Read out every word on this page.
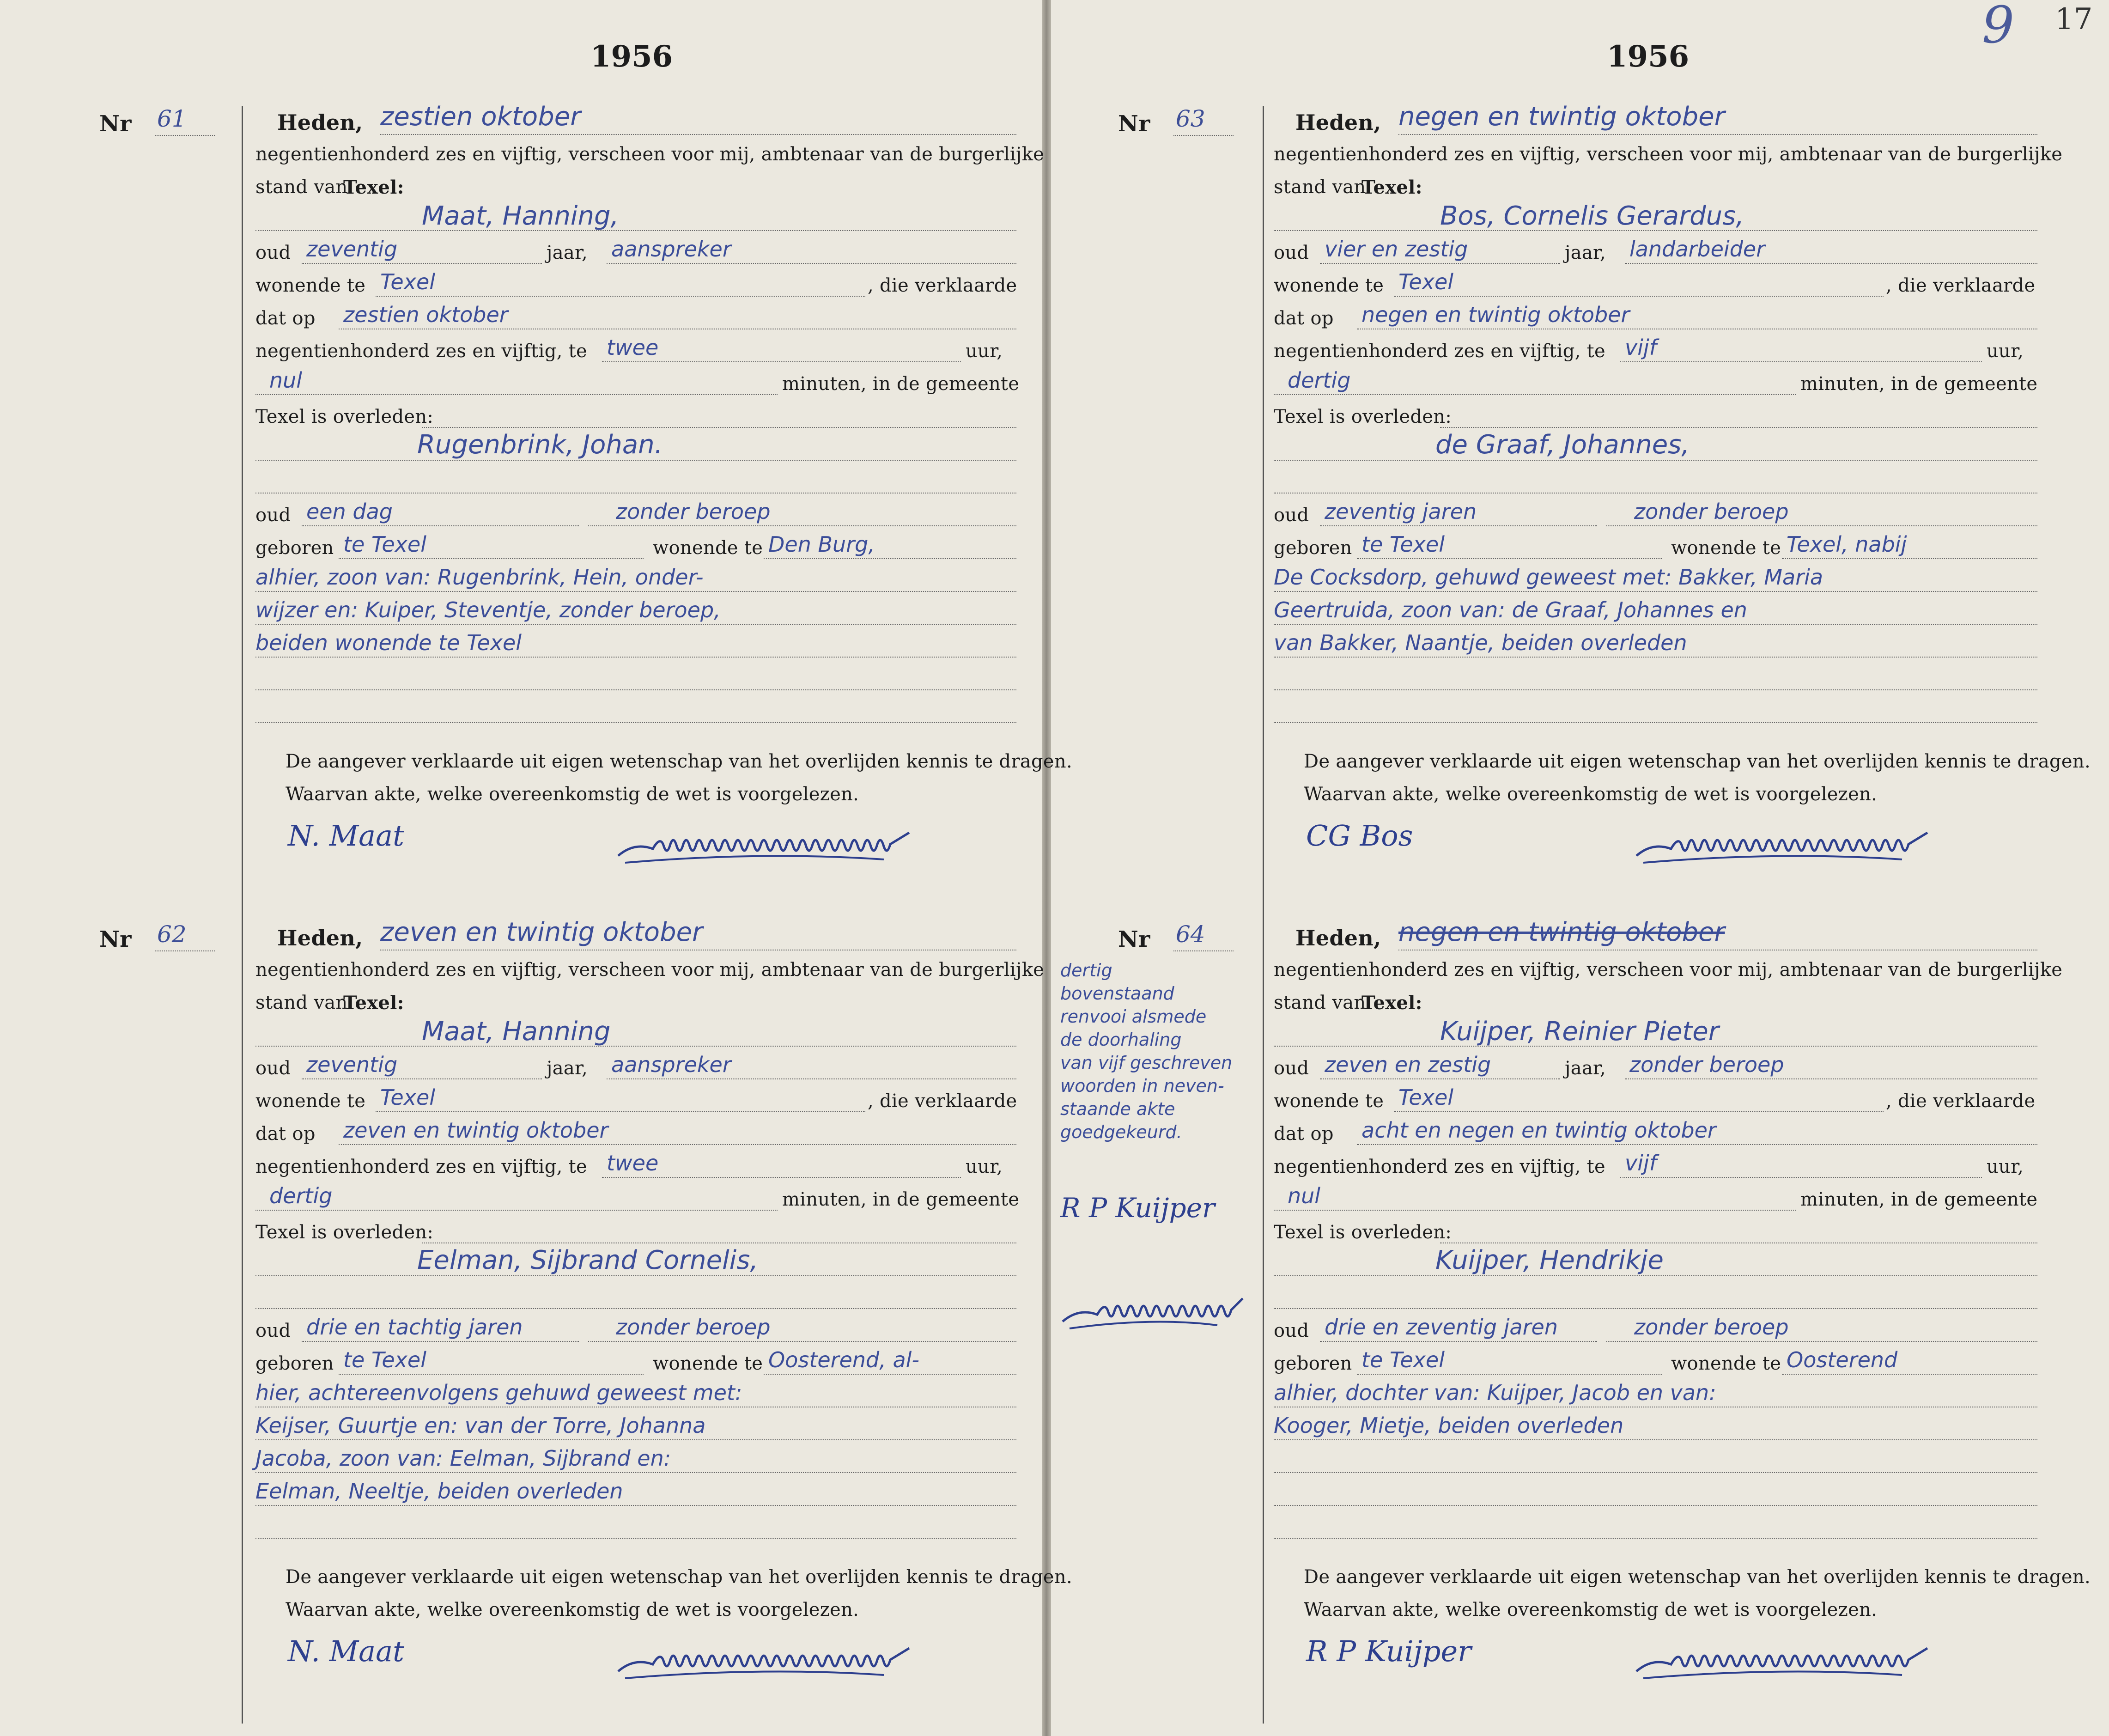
1956	1956
17
9
Nr 61	Heden, zestien oktober
negentienhonderd zes en vijftig, verscheen voor mij, ambtenaar van de burgerlijke
stand van
Texel:
Maat, Hanning,
oud zeventig	jaar, aanspreker
wonende te Texel	, die verklaarde
dat op zestien oktober
negentienhonderd zes en vijftig, te twee	uur,
nul	minuten, in de gemeente
Texel is overleden:
Rugenbrink, Johan.
oud een dag	zonder beroep
geboren te Texel	wonende te Den Burg,
alhier, zoon van: Rugenbrink, Hein, onder-
wijzer en: Kuiper, Steventje, zonder beroep,
beiden wonende te Texel
De aangever verklaarde uit eigen wetenschap van het overlijden kennis te dragen.
Waarvan akte, welke overeenkomstig de wet is voorgelezen.
N. Maat
Nr 63	Heden, negen en twintig oktober
negentienhonderd zes en vijftig, verscheen voor mij, ambtenaar van de burgerlijke
stand van
Texel:
Bos, Cornelis Gerardus,
oud vier en zestig	jaar, landarbeider
wonende te Texel	, die verklaarde
dat op negen en twintig oktober
negentienhonderd zes en vijftig, te vijf	uur,
dertig	minuten, in de gemeente
Texel is overleden:
de Graaf, Johannes,
oud zeventig jaren	zonder beroep
geboren te Texel	wonende te Texel, nabij
De Cocksdorp, gehuwd geweest met: Bakker, Maria
Geertruida, zoon van: de Graaf, Johannes en
van Bakker, Naantje, beiden overleden
De aangever verklaarde uit eigen wetenschap van het overlijden kennis te dragen.
Waarvan akte, welke overeenkomstig de wet is voorgelezen.
CG Bos
Nr 62	Heden, zeven en twintig oktober
negentienhonderd zes en vijftig, verscheen voor mij, ambtenaar van de burgerlijke
stand van
Texel:
Maat, Hanning
oud zeventig	jaar, aanspreker
wonende te Texel	, die verklaarde
dat op zeven en twintig oktober
negentienhonderd zes en vijftig, te twee	uur,
dertig	minuten, in de gemeente
Texel is overleden:
Eelman, Sijbrand Cornelis,
oud drie en tachtig jaren	zonder beroep
geboren te Texel	wonende te Oosterend, al-
hier, achtereenvolgens gehuwd geweest met:
Keijser, Guurtje en: van der Torre, Johanna
Jacoba, zoon van: Eelman, Sijbrand en:
Eelman, Neeltje, beiden overleden
De aangever verklaarde uit eigen wetenschap van het overlijden kennis te dragen.
Waarvan akte, welke overeenkomstig de wet is voorgelezen.
N. Maat
Nr 64	Heden, negen en twintig oktober
negentienhonderd zes en vijftig, verscheen voor mij, ambtenaar van de burgerlijke
stand van
Texel:
Kuijper, Reinier Pieter
oud zeven en zestig	jaar, zonder beroep
wonende te Texel	, die verklaarde
dat op acht en negen en twintig oktober
negentienhonderd zes en vijftig, te vijf	uur,
nul	minuten, in de gemeente
Texel is overleden:
Kuijper, Hendrikje
oud drie en zeventig jaren	zonder beroep
geboren te Texel	wonende te Oosterend
alhier, dochter van: Kuijper, Jacob en van:
Kooger, Mietje, beiden overleden
De aangever verklaarde uit eigen wetenschap van het overlijden kennis te dragen.
Waarvan akte, welke overeenkomstig de wet is voorgelezen.
R P Kuijper
dertig
bovenstaand
renvooi alsmede
de doorhaling
van vijf geschreven
woorden in neven-
staande akte
goedgekeurd.
R P Kuijper
